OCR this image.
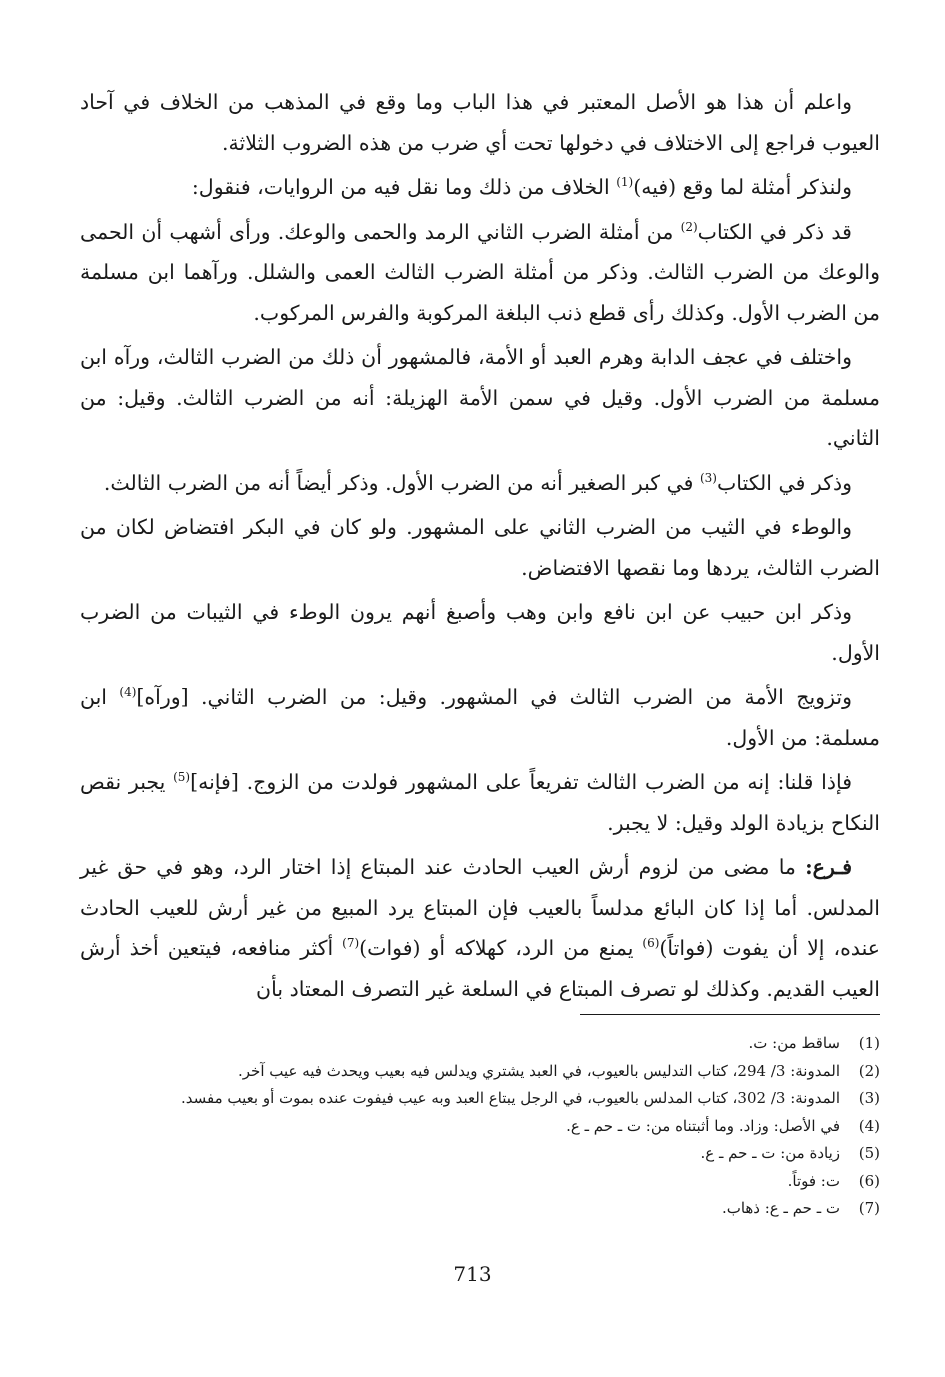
واعلم أن هذا هو الأصل المعتبر في هذا الباب وما وقع في المذهب من الخلاف في آحاد العيوب فراجع إلى الاختلاف في دخولها تحت أي ضرب من هذه الضروب الثلاثة.

ولنذكر أمثلة لما وقع (فيه)$^{(1)}$ الخلاف من ذلك وما نقل فيه من الروايات، فنقول:

قد ذكر في الكتاب$^{(2)}$ من أمثلة الضرب الثاني الرمد والحمى والوعك. ورأى أشهب أن الحمى والوعك من الضرب الثالث. وذكر من أمثلة الضرب الثالث العمى والشلل. ورآهما ابن مسلمة من الضرب الأول. وكذلك رأى قطع ذنب البلغة المركوبة والفرس المركوب.

واختلف في عجف الدابة وهرم العبد أو الأمة، فالمشهور أن ذلك من الضرب الثالث، ورآه ابن مسلمة من الضرب الأول. وقيل في سمن الأمة الهزيلة: أنه من الضرب الثالث. وقيل: من الثاني.

وذكر في الكتاب$^{(3)}$ في كبر الصغير أنه من الضرب الأول. وذكر أيضاً أنه من الضرب الثالث.

والوطء في الثيب من الضرب الثاني على المشهور. ولو كان في البكر افتضاض لكان من الضرب الثالث، يردها وما نقصها الافتضاض.

وذكر ابن حبيب عن ابن نافع وابن وهب وأصبغ أنهم يرون الوطء في الثيبات من الضرب الأول.

وتزويج الأمة من الضرب الثالث في المشهور. وقيل: من الضرب الثاني. [ورآه]$^{(4)}$ ابن مسلمة: من الأول.

فإذا قلنا: إنه من الضرب الثالث تفريعاً على المشهور فولدت من الزوج. [فإنه]$^{(5)}$ يجبر نقص النكاح بزيادة الولد وقيل: لا يجبر.

فـرع: ما مضى من لزوم أرش العيب الحادث عند المبتاع إذا اختار الرد، وهو في حق غير المدلس. أما إذا كان البائع مدلساً بالعيب فإن المبتاع يرد المبيع من غير أرش للعيب الحادث عنده، إلا أن يفوت (فواتاً)$^{(6)}$ يمنع من الرد، كهلاكه أو (فوات)$^{(7)}$ أكثر منافعه، فيتعين أخذ أرش العيب القديم. وكذلك لو تصرف المبتاع في السلعة غير التصرف المعتاد بأن

(1)
ساقط من: ت.
(2)
المدونة: 3/ 294، كتاب التدليس بالعيوب، في العبد يشتري ويدلس فيه بعيب ويحدث فيه عيب آخر.
(3)
المدونة: 3/ 302، كتاب المدلس بالعيوب، في الرجل يبتاع العبد وبه عيب فيفوت عنده بموت أو بعيب مفسد.
(4)
في الأصل: وزاد. وما أثبتناه من: ت ـ حم ـ ع.
(5)
زيادة من: ت ـ حم ـ ع.
(6)
ت: فوتاً.
(7)
ت ـ حم ـ ع: ذهاب.
713
